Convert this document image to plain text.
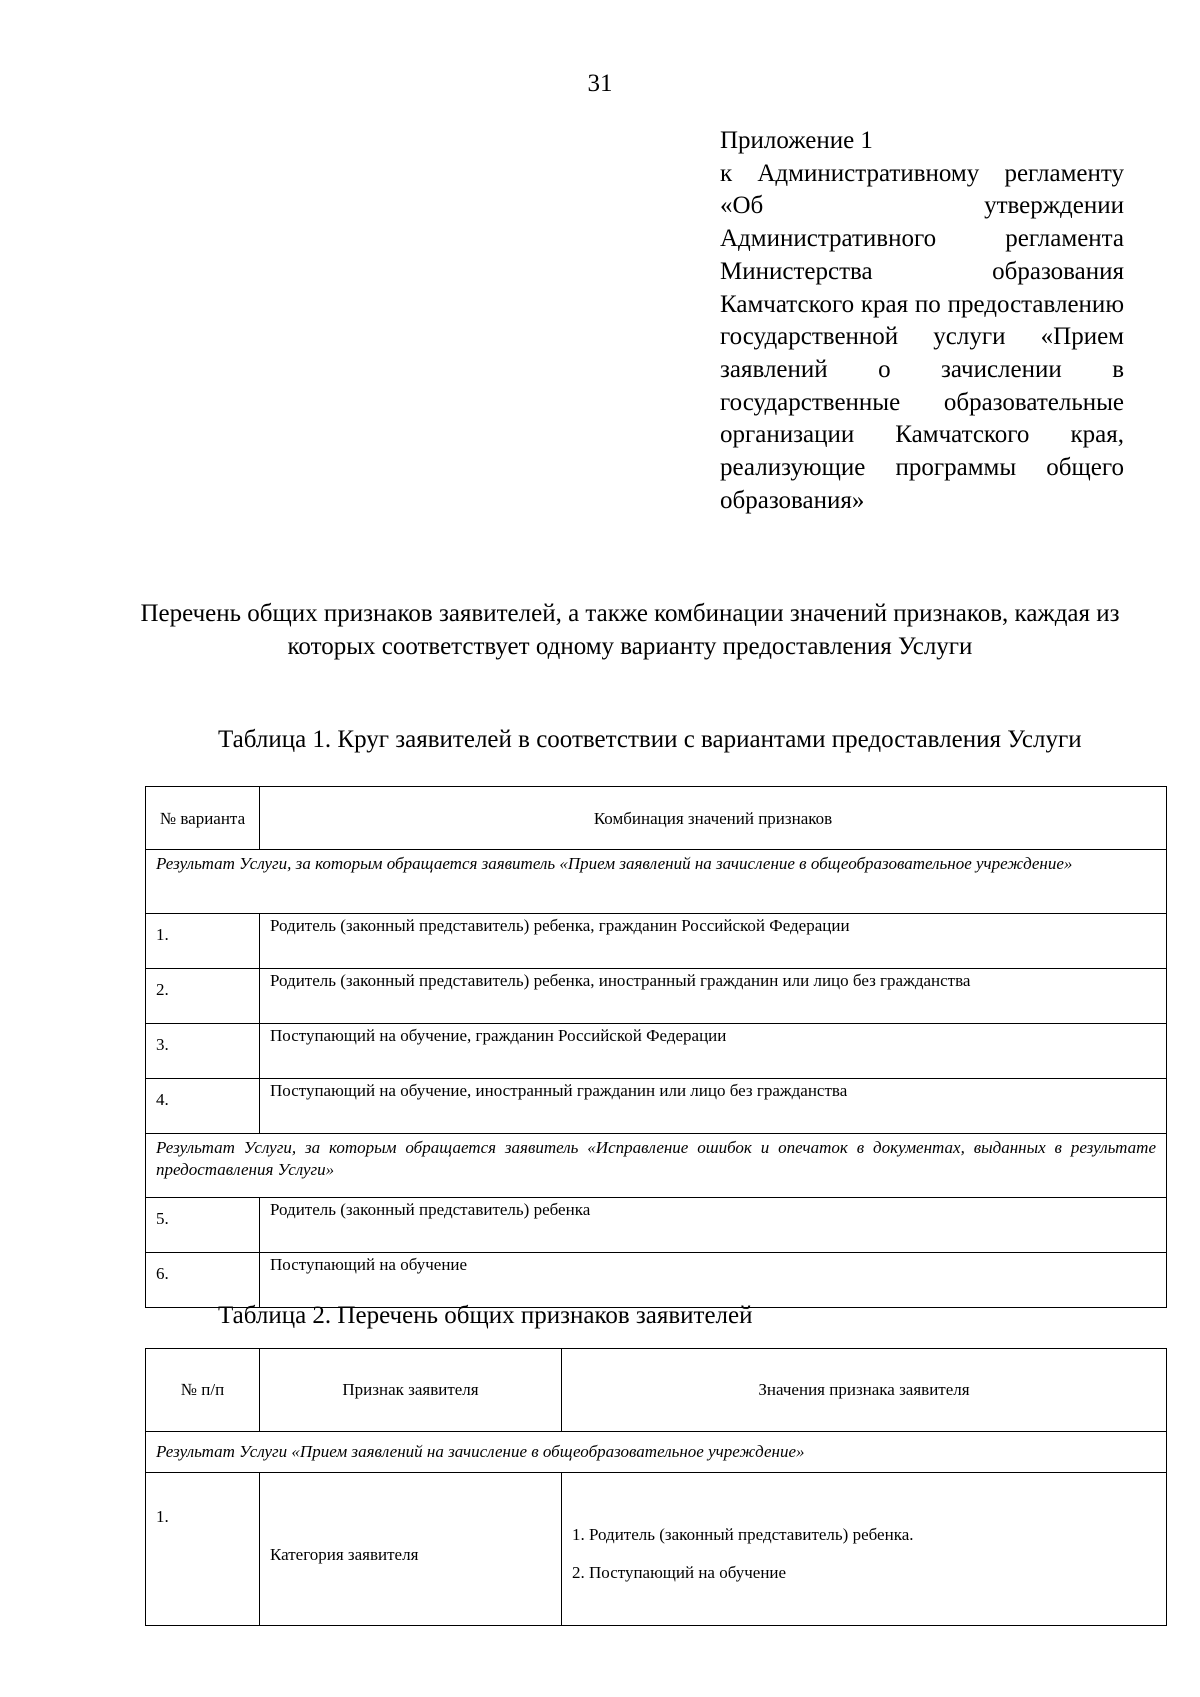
31

Приложение 1

к Административному регламенту «Об утверждении Административного регламента Министерства образования Камчатского края по предоставлению государственной услуги «Прием заявлений о зачислении в государственные образовательные организации Камчатского края, реализующие программы общего образования»

Перечень общих признаков заявителей, а также комбинации значений признаков, каждая из которых соответствует одному варианту предоставления Услуги
Таблица 1. Круг заявителей в соответствии с вариантами предоставления Услуги
№ варианта	Комбинация значений признаков
Результат Услуги, за которым обращается заявитель «Прием заявлений на зачисление в общеобразовательное учреждение»	
1.	Родитель (законный представитель) ребенка, гражданин Российской Федерации
2.	Родитель (законный представитель) ребенка, иностранный гражданин или лицо без гражданства
3.	Поступающий на обучение, гражданин Российской Федерации
4.	Поступающий на обучение, иностранный гражданин или лицо без гражданства
Результат Услуги, за которым обращается заявитель «Исправление ошибок и опечаток в документах, выданных в результате предоставления Услуги»	
5.	Родитель (законный представитель) ребенка
6.	Поступающий на обучение
Таблица 2. Перечень общих признаков заявителей
№ п/п	Признак заявителя	Значения признака заявителя
Результат Услуги «Прием заявлений на зачисление в общеобразовательное учреждение»		
1.	Категория заявителя	1. Родитель (законный представитель) ребенка.
2. Поступающий на обучение
